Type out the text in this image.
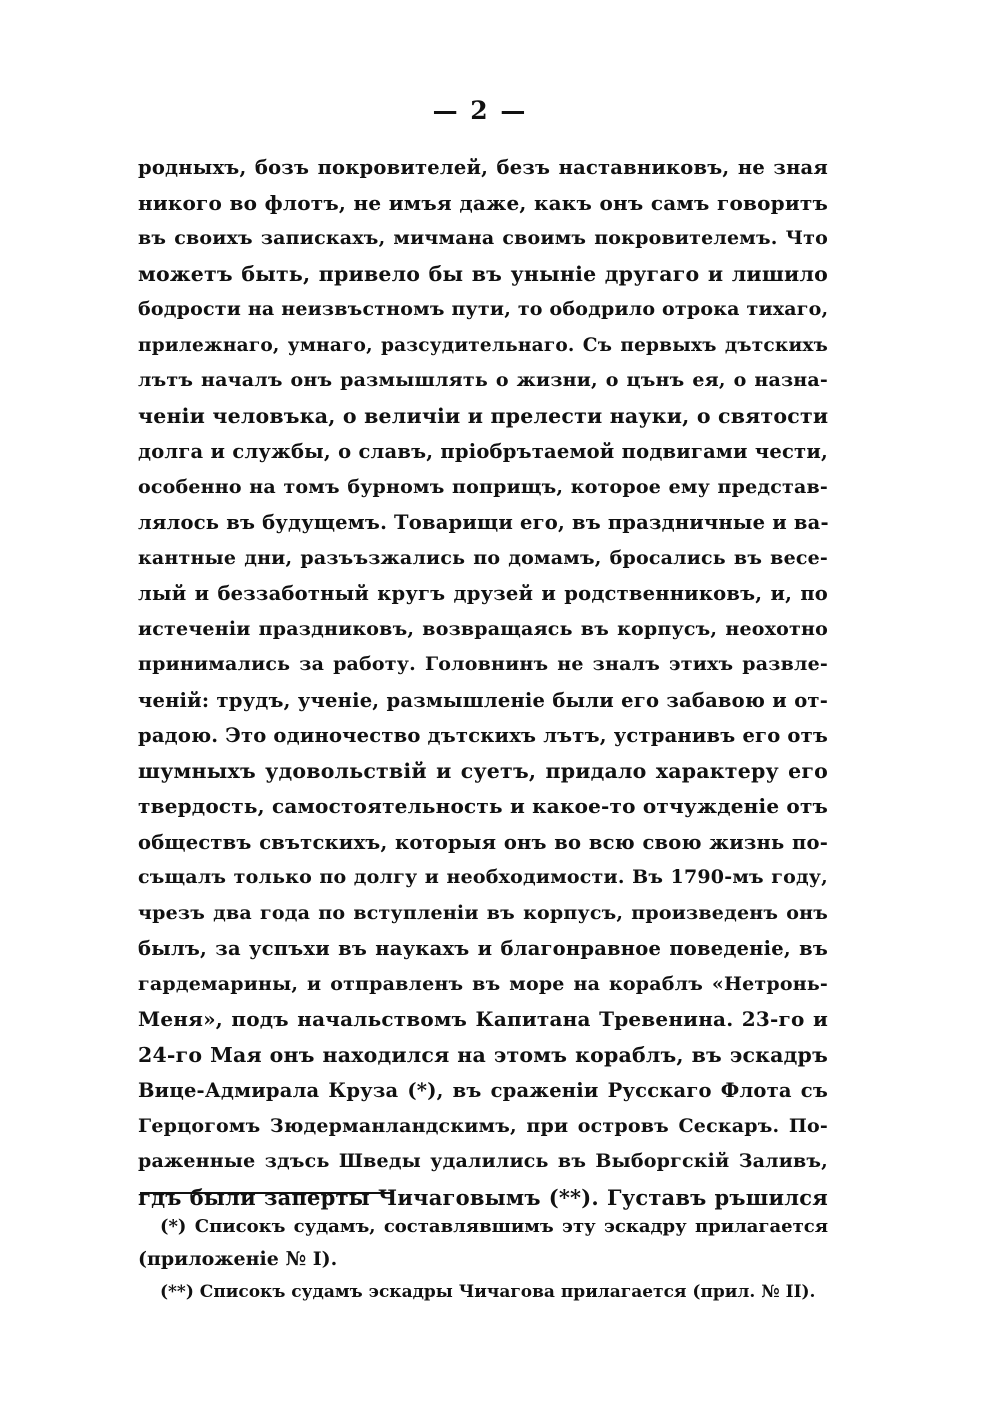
— 2 —
родныхъ, бозъ покровителей, безъ наставниковъ, не зная
никого во флотъ, не имъя даже, какъ онъ самъ говоритъ
въ своихъ запискахъ, мичмана своимъ покровителемъ. Что
можетъ быть, привело бы въ уныніе другаго и лишило
бодрости на неизвъстномъ пути, то ободрило отрока тихаго,
прилежнаго, умнаго, разсудительнаго. Съ первыхъ дътскихъ
лътъ началъ онъ размышлять о жизни, о цънъ ея, о назна-
ченіи человъка, о величіи и прелести науки, о святости
долга и службы, о славъ, пріобрътаемой подвигами чести,
особенно на томъ бурномъ поприщъ, которое ему представ-
лялось въ будущемъ. Товарищи его, въ праздничные и ва-
кантные дни, разъъзжались по домамъ, бросались въ весе-
лый и беззаботный кругъ друзей и родственниковъ, и, по
истеченіи праздниковъ, возвращаясь въ корпусъ, неохотно
принимались за работу. Головнинъ не зналъ этихъ развле-
ченій: трудъ, ученіе, размышленіе были его забавою и от-
радою. Это одиночество дътскихъ лътъ, устранивъ его отъ
шумныхъ удовольствій и суетъ, придало характеру его
твердость, самостоятельность и какое-то отчужденіе отъ
обществъ свътскихъ, которыя онъ во всю свою жизнь по-
същалъ только по долгу и необходимости. Въ 1790-мъ году,
чрезъ два года по вступленіи въ корпусъ, произведенъ онъ
былъ, за успъхи въ наукахъ и благонравное поведеніе, въ
гардемарины, и отправленъ въ море на кораблъ «Нетронь-
Меня», подъ начальствомъ Капитана Тревенина. 23-го и
24-го Мая онъ находился на этомъ кораблъ, въ эскадръ
Вице-Адмирала Круза (*), въ сраженіи Русскаго Флота съ
Герцогомъ Зюдерманландскимъ, при островъ Сескаръ. По-
раженные здъсь Шведы удалились въ Выборгскій Заливъ,
гдъ были заперты Чичаговымъ (**). Густавъ ръшился
(*) Списокъ судамъ, составлявшимъ эту эскадру прилагается
(приложеніе № I).
(**) Списокъ судамъ эскадры Чичагова прилагается (прил. № II).
